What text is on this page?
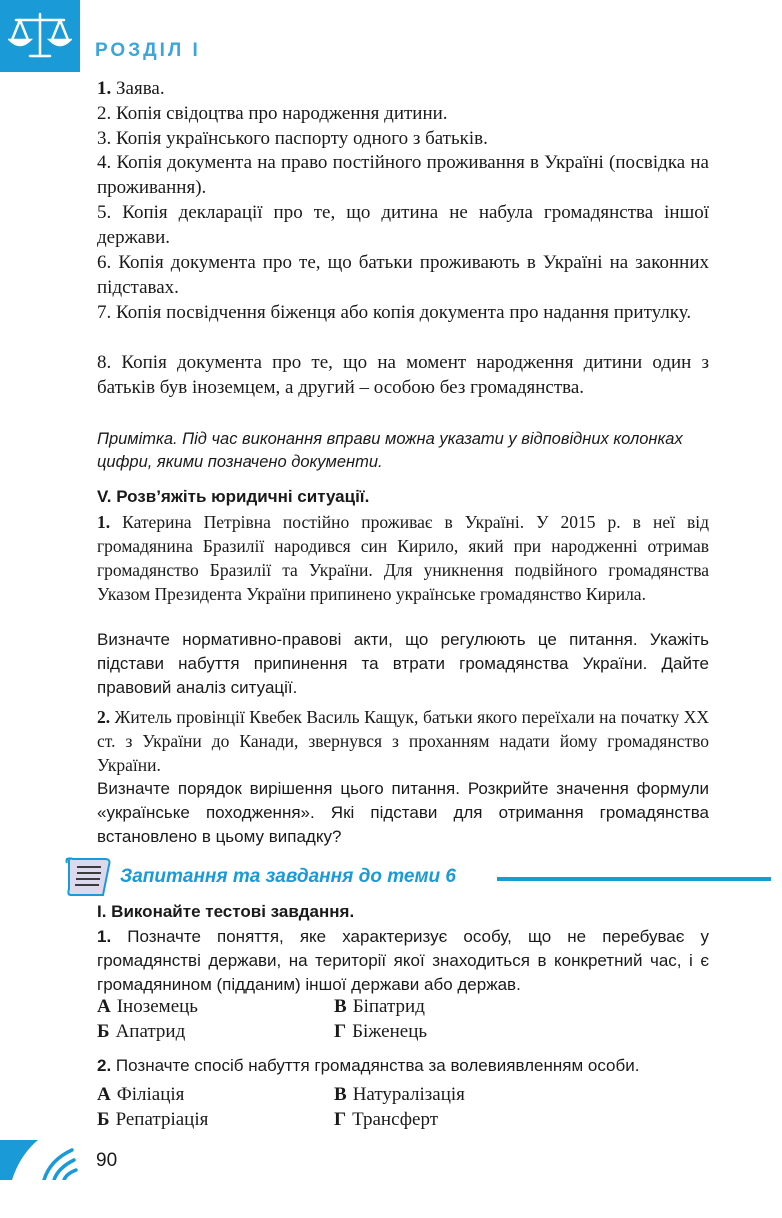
РОЗДІЛ І
1. Заява.
2. Копія свідоцтва про народження дитини.
3. Копія українського паспорту одного з батьків.
4. Копія документа на право постійного проживання в Україні (посвідка на проживання).
5. Копія декларації про те, що дитина не набула громадянства іншої держави.
6. Копія документа про те, що батьки проживають в Україні на законних підставах.
7. Копія посвідчення біженця або копія документа про надання притулку.
8. Копія документа про те, що на момент народження дитини один з батьків був іноземцем, а другий – особою без громадянства.
Примітка. Під час виконання вправи можна указати у відповідних колонках цифри, якими позначено документи.
V. Розв’яжіть юридичні ситуації.
1. Катерина Петрівна постійно проживає в Україні. У 2015 р. в неї від громадянина Бразилії народився син Кирило, який при народженні отримав громадянство Бразилії та України. Для уникнення подвійного громадянства Указом Президента України припинено українське громадянство Кирила.
Визначте нормативно-правові акти, що регулюють це питання. Укажіть підстави набуття припинення та втрати громадянства України. Дайте правовий аналіз ситуації.
2. Житель провінції Квебек Василь Кащук, батьки якого переїхали на початку ХХ ст. з України до Канади, звернувся з проханням надати йому громадянство України.
Визначте порядок вирішення цього питання. Розкрийте значення формули «українське походження». Які підстави для отримання громадянства встановлено в цьому випадку?
Запитання та завдання до теми 6
І. Виконайте тестові завдання.
1. Позначте поняття, яке характеризує особу, що не перебуває у громадянстві держави, на території якої знаходиться в конкретний час, і є громадянином (підданим) іншої держави або держав.
А Іноземець	В Біпатрид
Б Апатрид	Г Біженець
2. Позначте спосіб набуття громадянства за волевиявленням особи.
А Філіація	В Натуралізація
Б Репатріація	Г Трансферт
90
